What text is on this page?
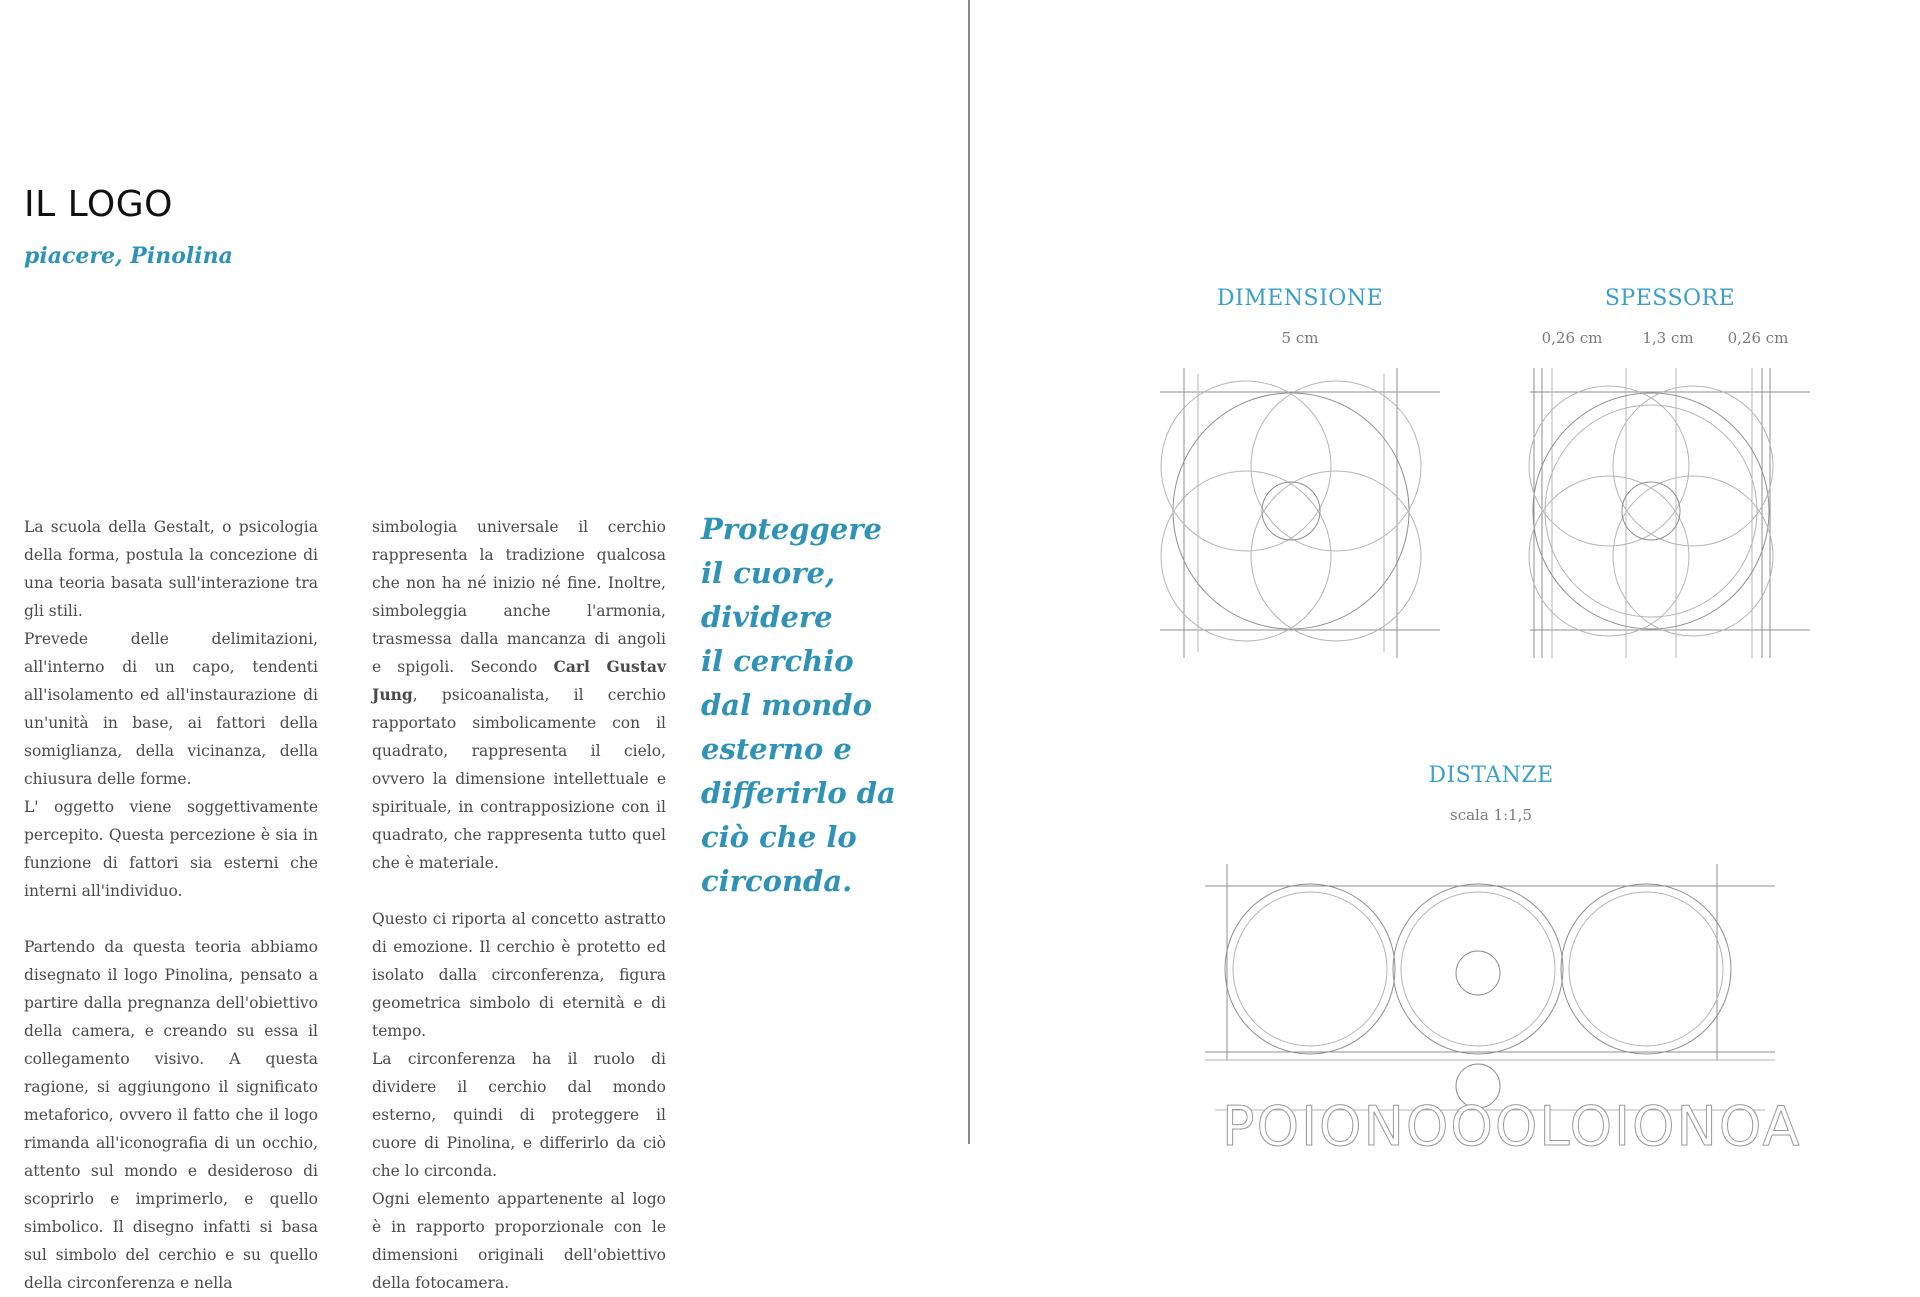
IL LOGO
piacere, Pinolina

La scuola della Gestalt, o psicologia della forma, postula la concezione di una teoria basata sull'interazione tra gli stili.

Prevede delle delimitazioni, all'interno di un capo, tendenti all'isolamento ed all'instaurazione di un'unità in base, ai fattori della somiglianza, della vicinanza, della chiusura delle forme.

L' oggetto viene soggettivamente percepito. Questa percezione è sia in funzione di fattori sia esterni che interni all'individuo.

Partendo da questa teoria abbiamo disegnato il logo Pinolina, pensato a partire dalla pregnanza dell'obiettivo della camera, e creando su essa il collegamento visivo. A questa ragione, si aggiungono il significato metaforico, ovvero il fatto che il logo rimanda all'iconografia di un occhio, attento sul mondo e desideroso di scoprirlo e imprimerlo, e quello simbolico. Il disegno infatti si basa sul simbolo del cerchio e su quello della circonferenza e nella

simbologia universale il cerchio rappresenta la tradizione qualcosa che non ha né inizio né fine. Inoltre, simboleggia anche l'armonia, trasmessa dalla mancanza di angoli e spigoli. Secondo Carl Gustav Jung, psicoanalista, il cerchio rapportato simbolicamente con il quadrato, rappresenta il cielo, ovvero la dimensione intellettuale e spirituale, in contrapposizione con il quadrato, che rappresenta tutto quel che è materiale.

Questo ci riporta al concetto astratto di emozione. Il cerchio è protetto ed isolato dalla circonferenza, figura geometrica simbolo di eternità e di tempo.

La circonferenza ha il ruolo di dividere il cerchio dal mondo esterno, quindi di proteggere il cuore di Pinolina, e differirlo da ciò che lo circonda.

Ogni elemento appartenente al logo è in rapporto proporzionale con le dimensioni originali dell'obiettivo della fotocamera.

Proteggere
il cuore,
dividere
il cerchio
dal mondo
esterno e
differirlo da
ciò che lo
circonda.
DIMENSIONE
5 cm
SPESSORE
0,26 cm	1,3 cm 0,26 cm
DISTANZE
scala 1:1,5
POIONOOOLOIONOA
